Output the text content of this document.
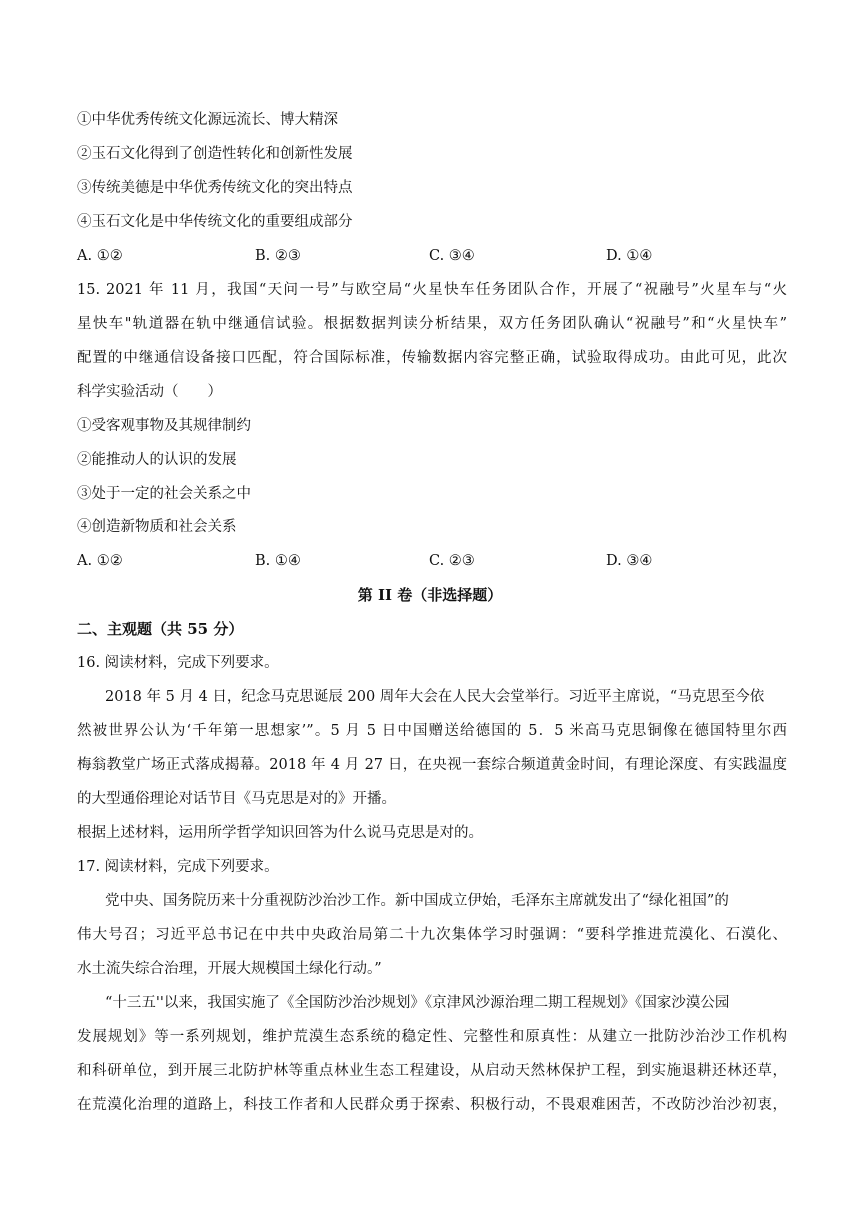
①中华优秀传统文化源远流长、博大精深
②玉石文化得到了创造性转化和创新性发展
③传统美德是中华优秀传统文化的突出特点
④玉石文化是中华传统文化的重要组成部分
A. ①②	B. ②③	C. ③④	D. ①④
15. 2021 年 11 月，我国“天问一号”与欧空局“火星快车任务团队合作，开展了“祝融号”火星车与“火
星快车"轨道器在轨中继通信试验。根据数据判读分析结果，双方任务团队确认“祝融号”和“火星快车”
配置的中继通信设备接口匹配，符合国际标准，传输数据内容完整正确，试验取得成功。由此可见，此次
科学实验活动（　　）
①受客观事物及其规律制约
②能推动人的认识的发展
③处于一定的社会关系之中
④创造新物质和社会关系
A. ①②	B. ①④	C. ②③	D. ③④
第 II 卷（非选择题）
二、主观题（共 55 分）
16. 阅读材料，完成下列要求。
2018 年 5 月 4 日，纪念马克思诞辰 200 周年大会在人民大会堂举行。习近平主席说，“马克思至今依
然被世界公认为‘千年第一思想家’”。5 月 5 日中国赠送给德国的 5．5 米高马克思铜像在德国特里尔西
梅翁教堂广场正式落成揭幕。2018 年 4 月 27 日，在央视一套综合频道黄金时间，有理论深度、有实践温度
的大型通俗理论对话节目《马克思是对的》开播。
根据上述材料，运用所学哲学知识回答为什么说马克思是对的。
17. 阅读材料，完成下列要求。
党中央、国务院历来十分重视防沙治沙工作。新中国成立伊始，毛泽东主席就发出了“绿化祖国”的
伟大号召；习近平总书记在中共中央政治局第二十九次集体学习时强调：“要科学推进荒漠化、石漠化、
水土流失综合治理，开展大规模国土绿化行动。”
“十三五''以来，我国实施了《全国防沙治沙规划》《京津风沙源治理二期工程规划》《国家沙漠公园
发展规划》等一系列规划，维护荒漠生态系统的稳定性、完整性和原真性：从建立一批防沙治沙工作机构
和科研单位，到开展三北防护林等重点林业生态工程建设，从启动天然林保护工程，到实施退耕还林还草，
在荒漠化治理的道路上，科技工作者和人民群众勇于探索、积极行动，不畏艰难困苦，不改防沙治沙初衷，
